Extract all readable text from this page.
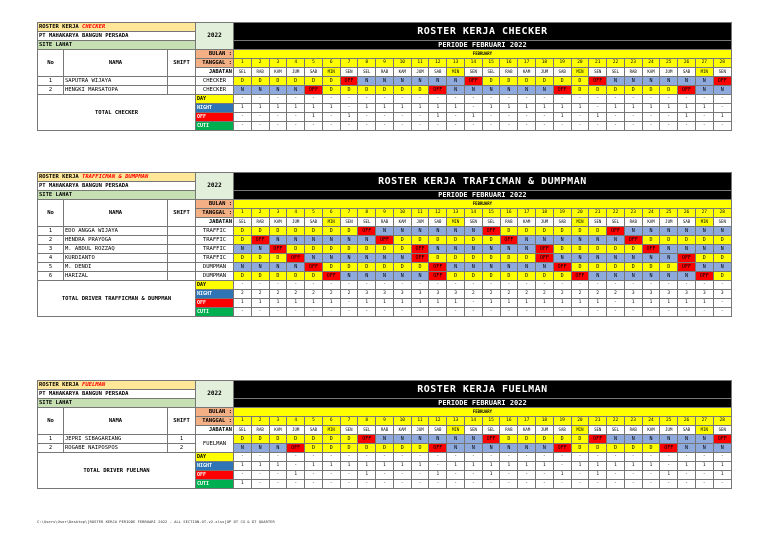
ROSTER KERJA CHECKER			2022	ROSTER KERJA CHECKER																											
PT MAHAKARYA BANGUN PERSADA																															
SITE LAHAT				PERIODE FEBRUARI 2022																											
No	NAMA	SHIFT	BULAN :	FEBRUARY																											
			TANGGAL :	1	2	3	4	5	6	7	8	9	10	11	12	13	14	15	16	17	18	19	20	21	22	23	24	25	26	27	28
			JABATAN	SEL	RAB	KAM	JUM	SAB	MIN	SEN	SEL	RAB	KAM	JUM	SAB	MIN	SEN	SEL	RAB	KAM	JUM	SAB	MIN	SEN	SEL	RAB	KAM	JUM	SAB	MIN	SEN
1	SAPUTRA WIJAYA		CHECKER	D	D	D	D	D	D	OFF	N	N	N	N	N	N	OFF	D	D	D	D	D	D	OFF	N	N	N	N	N	N	OFF
2	HENGKI MARSATOPA		CHECKER	N	N	N	N	OFF	D	D	D	D	D	D	OFF	N	N	N	N	N	N	OFF	D	D	D	D	D	D	OFF	N	N
TOTAL CHECKER			DAY	-	-	-	-	-	-	-	-	-	-	-	-	-	-	-	-	-	-	-	-	-	-	-	-	-	-	-	-
			NIGHT	1	1	1	1	1	1	-	1	1	1	1	1	1	-	1	1	1	1	1	1	-	1	1	1	1	1	1	-
			OFF	-	-	-	-	1	-	1	-	-	-	-	1	-	1	-	-	-	-	1	-	1	-	-	-	-	1	-	1
			CUTI	-	-	-	-	-	-	-	-	-	-	-	-	-	-	-	-	-	-	-	-	-	-	-	-	-	-	-	-
ROSTER KERJA TRAFFICMAN & DUMPMAN			2022	ROSTER KERJA TRAFICMAN & DUMPMAN																											
PT MAHAKARYA BANGUN PERSADA																															
SITE LAHAT				PERIODE FEBRUARI 2022																											
No	NAMA	SHIFT	BULAN :	FEBRUARY																											
			TANGGAL :	1	2	3	4	5	6	7	8	9	10	11	12	13	14	15	16	17	18	19	20	21	22	23	24	25	26	27	28
			JABATAN	SEL	RAB	KAM	JUM	SAB	MIN	SEN	SEL	RAB	KAM	JUM	SAB	MIN	SEN	SEL	RAB	KAM	JUM	SAB	MIN	SEN	SEL	RAB	KAM	JUM	SAB	MIN	SEN
1	EDO ANGGA WIJAYA		TRAFFIC	D	D	D	D	D	D	D	OFF	N	N	N	N	N	N	OFF	D	D	D	D	D	D	OFF	N	N	N	N	N	N
2	HENDRA PRAYOGA		TRAFFIC	D	OFF	N	N	N	N	N	N	OFF	D	D	D	D	D	D	OFF	N	N	N	N	N	N	OFF	D	D	D	D	D
3	M. ABDUL ROZZAQ		TRAFFIC	N	N	OFF	D	D	D	D	D	D	D	OFF	N	N	N	N	N	N	OFF	D	D	D	D	D	OFF	N	N	N	N
4	KURDIANTO		TRAFFIC	D	D	D	OFF	N	N	N	N	N	N	OFF	D	D	D	D	D	D	OFF	N	N	N	N	N	N	N	OFF	D	D
5	M. DENDI		DUMPMAN	N	N	N	N	OFF	D	D	D	D	D	D	OFF	N	N	N	N	N	N	OFF	D	D	D	D	D	D	OFF	N	N
6	HARIZAL		DUMPMAN	D	D	D	D	D	OFF	N	N	N	N	N	OFF	D	D	D	D	D	D	D	OFF	N	N	N	N	N	N	OFF	D
TOTAL DRIVER TRAFFICMAN & DUMPMAN			DAY	-	-	-	-	-	-	-	-	-	-	-	-	-	-	-	-	-	-	-	-	-	-	-	-	-	-	-	-
			NIGHT	2	2	2	2	2	2	2	3	3	3	3	3	3	2	2	2	2	2	2	2	2	2	3	3	3	3	3	3
			OFF	1	1	1	1	1	1	-	1	1	1	1	1	1	-	1	1	1	1	1	1	1	-	1	1	1	1	1	-
			CUTI	-	-	-	-	-	-	-	-	-	-	-	-	-	-	-	-	-	-	-	-	-	-	-	-	-	-	-	-
ROSTER KERJA FUELMAN			2022	ROSTER KERJA FUELMAN																											
PT MAHAKARYA BANGUN PERSADA																															
SITE LAHAT				PERIODE FEBRUARI 2022																											
No	NAMA	SHIFT	BULAN :	FEBRUARY																											
			TANGGAL :	1	2	3	4	5	6	7	8	9	10	11	12	13	14	15	16	17	18	19	20	21	22	23	24	25	26	27	28
			JABATAN	SEL	RAB	KAM	JUM	SAB	MIN	SEN	SEL	RAB	KAM	JUM	SAB	MIN	SEN	SEL	RAB	KAM	JUM	SAB	MIN	SEN	SEL	RAB	KAM	JUM	SAB	MIN	SEN
1	JEPRI SIBAGARIANG	1	FUELMAN	D	D	D	D	D	D	D	OFF	N	N	N	N	N	N	OFF	D	D	D	D	D	OFF	N	N	N	N	N	N	OFF
2	ROGABE NAIPOSPOS	2		N	N	N	OFF	D	D	D	D	D	D	D	OFF	N	N	N	N	N	N	OFF	D	D	D	D	D	OFF	N	N	N
TOTAL DRIVER FUELMAN			DAY	-	-	-	-	-	-	-	-	-	-	-	-	-	-	-	-	-	-	-	-	-	-	-	-	-	-	-	-
			NIGHT	1	1	1	-	1	1	1	1	1	1	1	-	1	1	1	1	1	1	-	1	1	1	1	1	-	1	1	1
			OFF	-	-	-	1	-	-	-	1	-	-	-	1	-	-	1	-	-	-	1	-	1	-	-	-	1	-	-	1
			CUTI	1	-	-	-	-	-	-	-	-	-	-	-	-	-	-	-	-	-	-	-	-	-	-	-	-	-	-	-
C:\Users\User\Desktop\[ROSTER KERJA PERIODE FEBRUARI 2022 - ALL SECTION-OT-v2.xlsx]OP DT CG & DT QUARTER
